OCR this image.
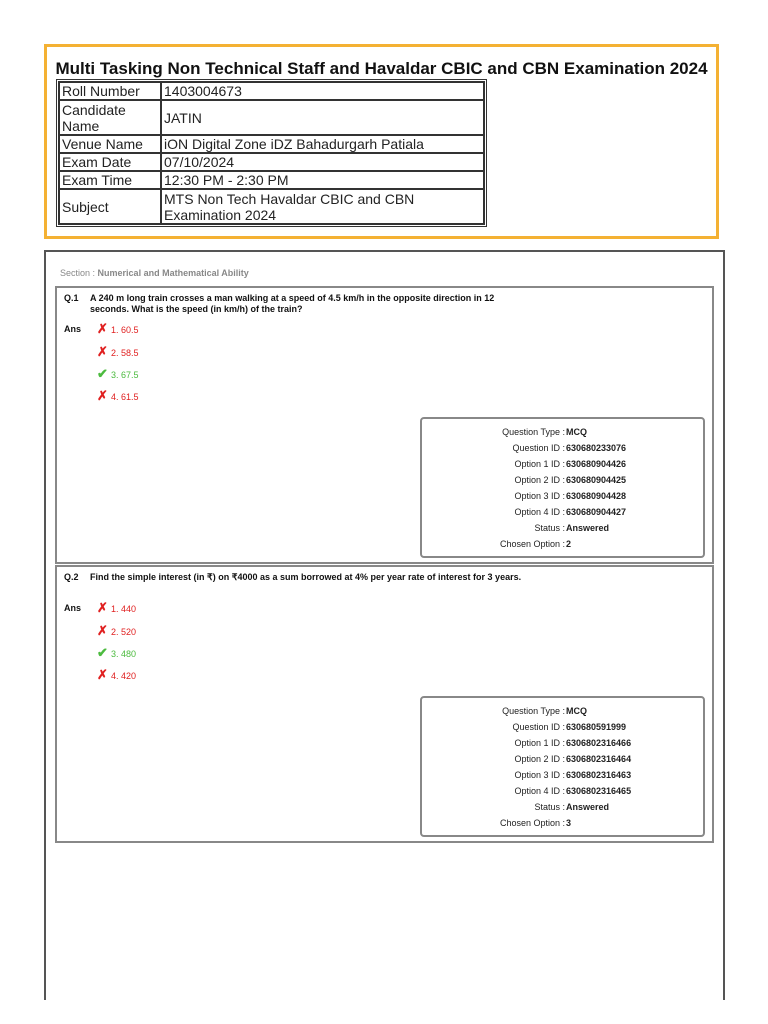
Multi Tasking Non Technical Staff and Havaldar CBIC and CBN Examination 2024
Roll Number	1403004673
Candidate Name	JATIN
Venue Name	iON Digital Zone iDZ Bahadurgarh Patiala
Exam Date	07/10/2024
Exam Time	12:30 PM - 2:30 PM
Subject	MTS Non Tech Havaldar CBIC and CBN Examination 2024
Section : Numerical and Mathematical Ability
Q.1 A 240 m long train crosses a man walking at a speed of 4.5 km/h in the opposite direction in 12 seconds. What is the speed (in km/h) of the train?
Ans ✗ 1. 60.5
✗ 2. 58.5
✔ 3. 67.5
✗ 4. 61.5
Question Type : MCQ
Question ID : 630680233076
Option 1 ID : 630680904426
Option 2 ID : 630680904425
Option 3 ID : 630680904428
Option 4 ID : 630680904427
Status : Answered
Chosen Option : 2
Q.2 Find the simple interest (in ₹) on ₹4000 as a sum borrowed at 4% per year rate of interest for 3 years.
Ans ✗ 1. 440
✗ 2. 520
✔ 3. 480
✗ 4. 420
Question Type : MCQ
Question ID : 630680591999
Option 1 ID : 6306802316466
Option 2 ID : 6306802316464
Option 3 ID : 6306802316463
Option 4 ID : 6306802316465
Status : Answered
Chosen Option : 3
